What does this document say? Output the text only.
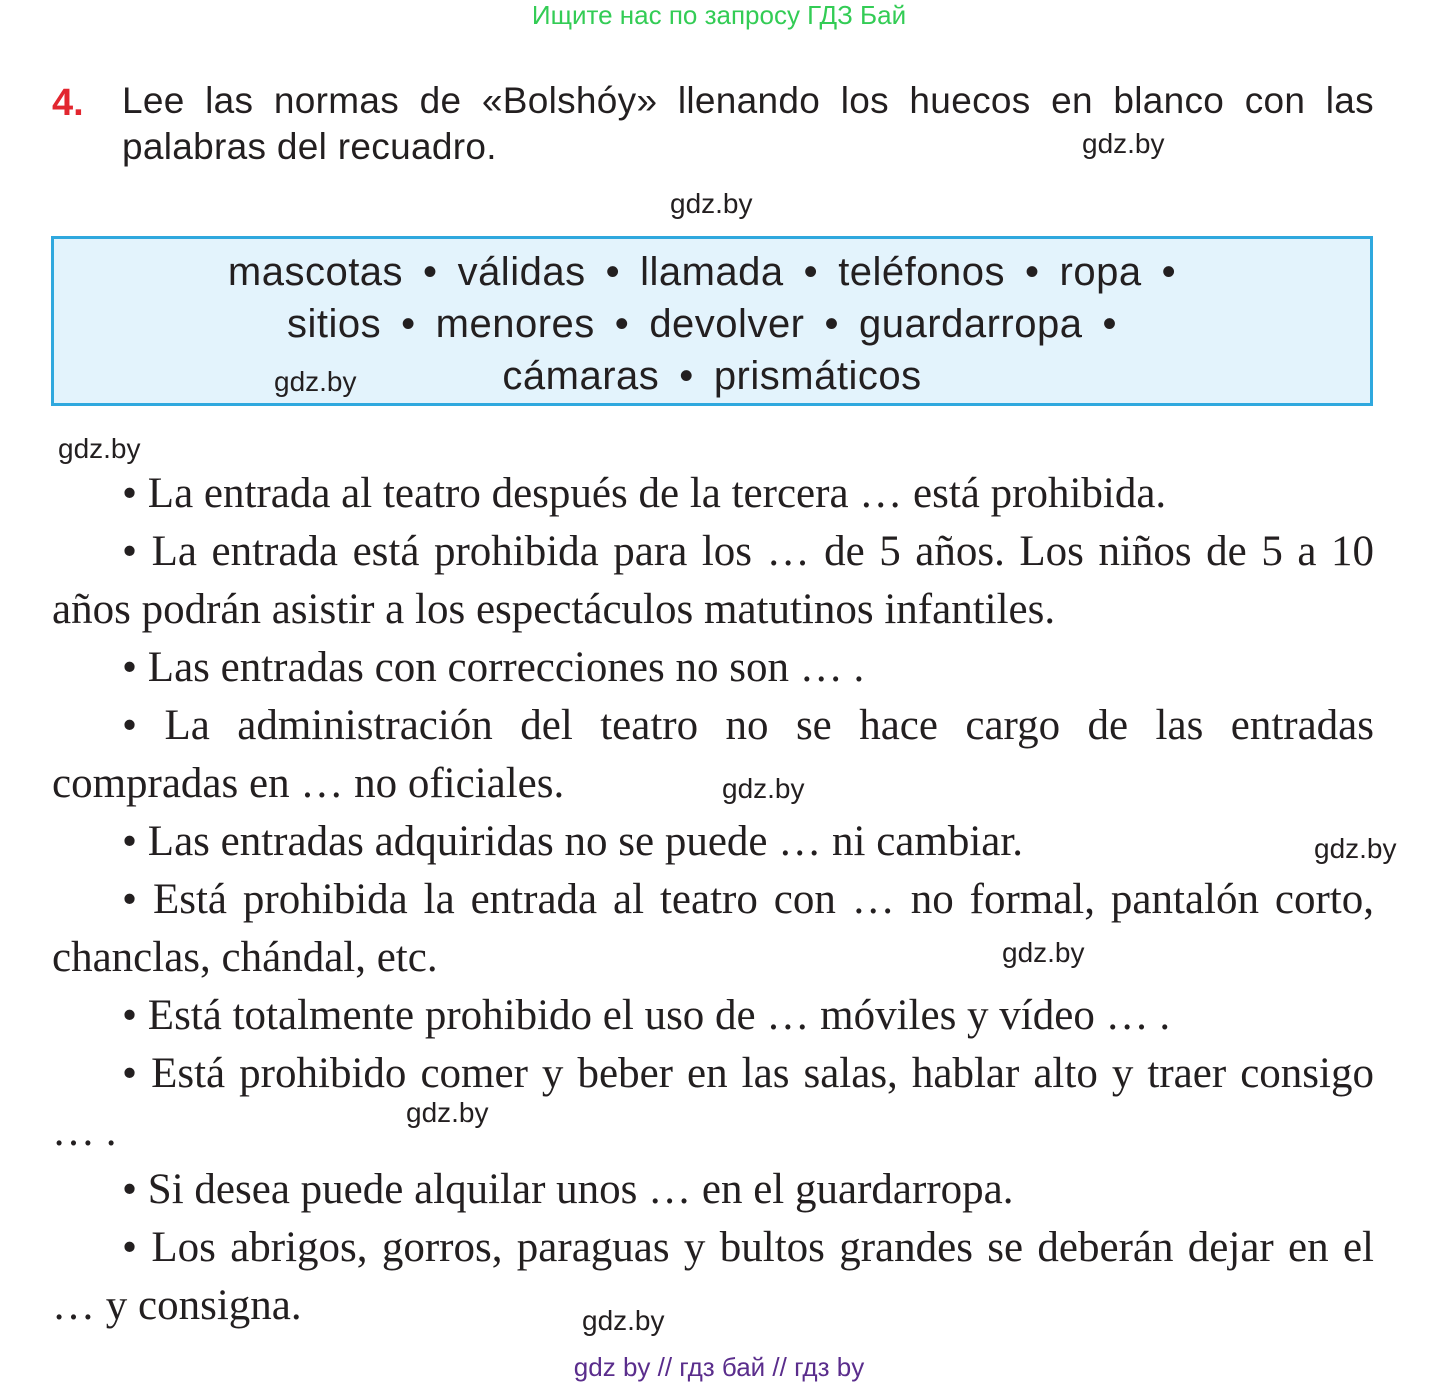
Ищите нас по запросу ГДЗ Бай
4. Lee las normas de «Bolshóy» llenando los huecos en blanco con las palabras del recuadro.	gdz.by
gdz.by
mascotas • válidas • llamada • teléfonos • ropa •
sitios • menores • devolver • guardarropa •
cámaras • prismáticos
gdz.by
gdz.by

• La entrada al teatro después de la tercera … está prohibida.

• La entrada está prohibida para los … de 5 años. Los niños de 5 a 10 años podrán asistir a los espectáculos matutinos infantiles.

• Las entradas con correcciones no son … .

• La administración del teatro no se hace cargo de las entradas compradas en … no oficiales.

• Las entradas adquiridas no se puede … ni cambiar.

• Está prohibida la entrada al teatro con … no formal, pantalón corto, chanclas, chándal, etc.

• Está totalmente prohibido el uso de … móviles y vídeo … .

• Está prohibido comer y beber en las salas, hablar alto y traer consigo … .

• Si desea puede alquilar unos … en el guardarropa.

• Los abrigos, gorros, paraguas y bultos grandes se deberán dejar en el … y consigna.

gdz.by
gdz.by
gdz.by
gdz.by
gdz.by
gdz by // гдз бай // гдз by
